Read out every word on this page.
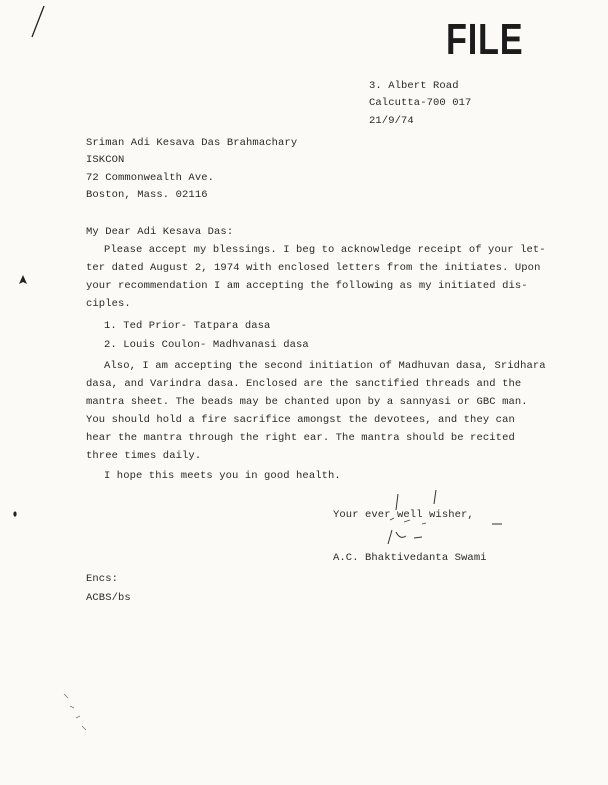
FILE
3. Albert Road
Calcutta-700 017
21/9/74
Sriman Adi Kesava Das Brahmachary
ISKCON
72 Commonwealth Ave.
Boston, Mass. 02116
My Dear Adi Kesava Das:
Please accept my blessings. I beg to acknowledge receipt of your let-
ter dated August 2, 1974 with enclosed letters from the initiates. Upon
your recommendation I am accepting the following as my initiated dis-
ciples.
1. Ted Prior- Tatpara dasa
2. Louis Coulon- Madhvanasi dasa
Also, I am accepting the second initiation of Madhuvan dasa, Sridhara
dasa, and Varindra dasa. Enclosed are the sanctified threads and the
mantra sheet. The beads may be chanted upon by a sannyasi or GBC man.
You should hold a fire sacrifice amongst the devotees, and they can
hear the mantra through the right ear. The mantra should be recited
three times daily.
I hope this meets you in good health.
Your ever well wisher,
A.C. Bhaktivedanta Swami
Encs:
ACBS/bs
